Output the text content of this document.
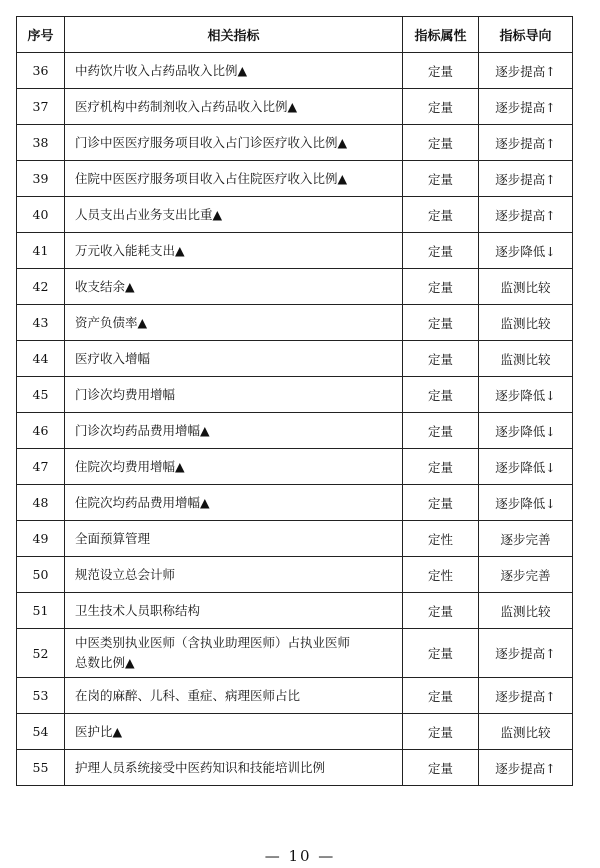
序号	相关指标	指标属性	指标导向
36	中药饮片收入占药品收入比例▲	定量	逐步提高↑
37	医疗机构中药制剂收入占药品收入比例▲	定量	逐步提高↑
38	门诊中医医疗服务项目收入占门诊医疗收入比例▲	定量	逐步提高↑
39	住院中医医疗服务项目收入占住院医疗收入比例▲	定量	逐步提高↑
40	人员支出占业务支出比重▲	定量	逐步提高↑
41	万元收入能耗支出▲	定量	逐步降低↓
42	收支结余▲	定量	监测比较
43	资产负债率▲	定量	监测比较
44	医疗收入增幅	定量	监测比较
45	门诊次均费用增幅	定量	逐步降低↓
46	门诊次均药品费用增幅▲	定量	逐步降低↓
47	住院次均费用增幅▲	定量	逐步降低↓
48	住院次均药品费用增幅▲	定量	逐步降低↓
49	全面预算管理	定性	逐步完善
50	规范设立总会计师	定性	逐步完善
51	卫生技术人员职称结构	定量	监测比较
52	中医类别执业医师（含执业助理医师）占执业医师
总数比例▲	定量	逐步提高↑
53	在岗的麻醉、儿科、重症、病理医师占比	定量	逐步提高↑
54	医护比▲	定量	监测比较
55	护理人员系统接受中医药知识和技能培训比例	定量	逐步提高↑
— 10 —
